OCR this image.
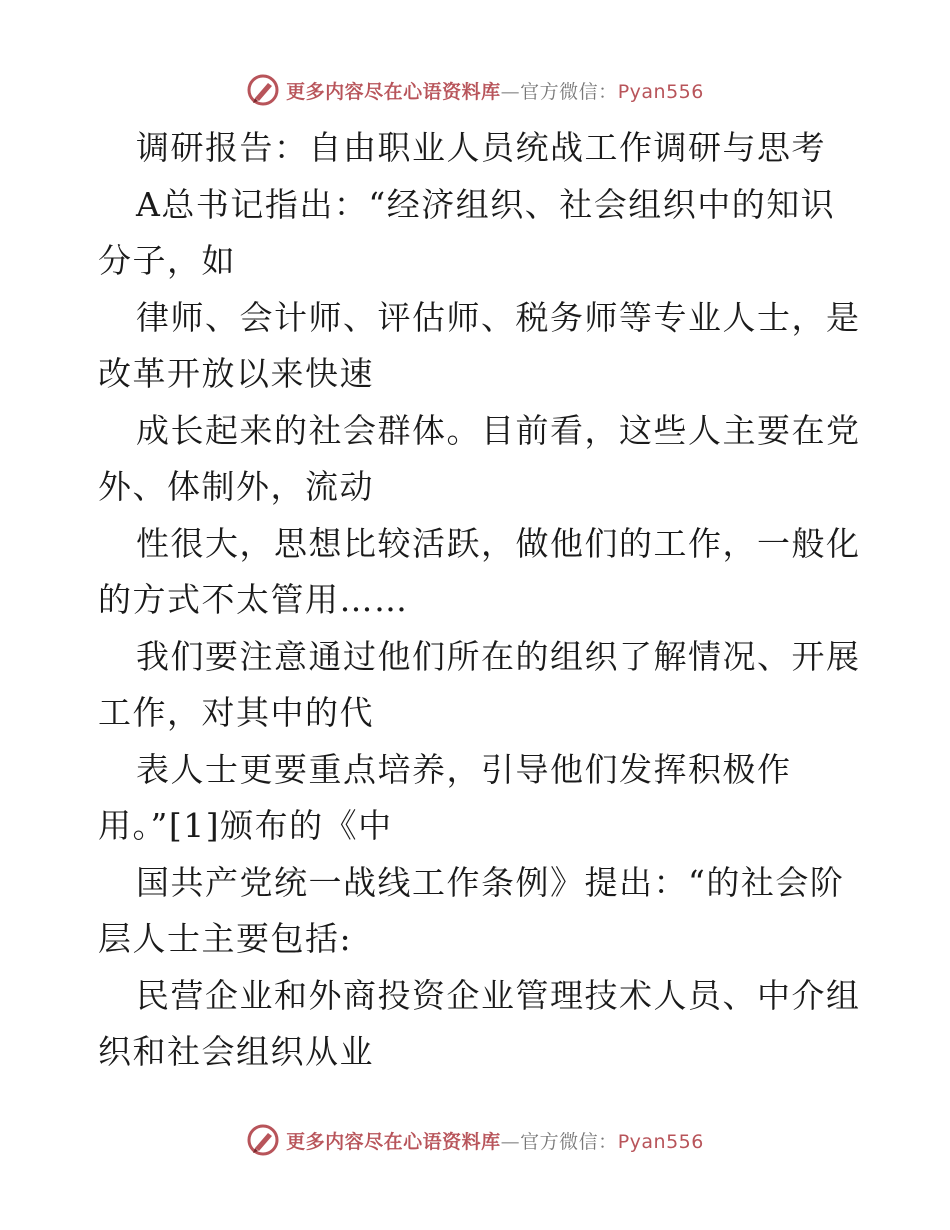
更多内容尽在心语资料库—官方微信：Pyan556
调研报告：自由职业人员统战工作调研与思考
A总书记指出：“经济组织、社会组织中的知识
分子，如
律师、会计师、评估师、税务师等专业人士，是
改革开放以来快速
成长起来的社会群体。目前看，这些人主要在党
外、体制外，流动
性很大，思想比较活跃，做他们的工作，一般化
的方式不太管用……
我们要注意通过他们所在的组织了解情况、开展
工作，对其中的代
表人士更要重点培养，引导他们发挥积极作
用。”[1]颁布的《中
国共产党统一战线工作条例》提出：“的社会阶
层人士主要包括:
民营企业和外商投资企业管理技术人员、中介组
织和社会组织从业
更多内容尽在心语资料库—官方微信：Pyan556
